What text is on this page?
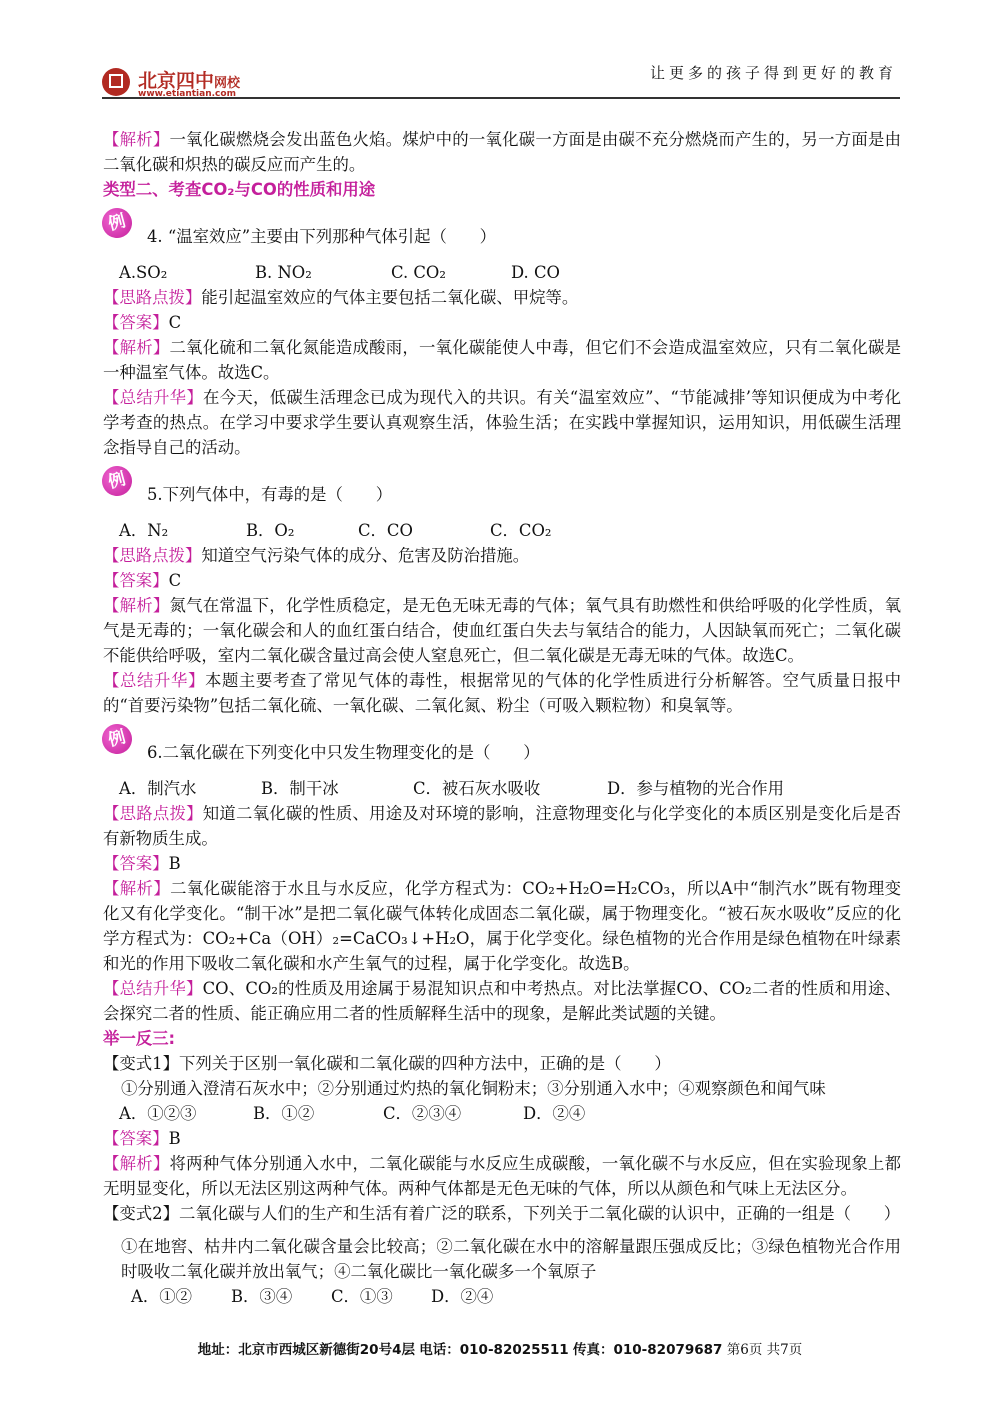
北京四中网校
www.etiantian.com
让更多的孩子得到更好的教育

【解析】一氧化碳燃烧会发出蓝色火焰。煤炉中的一氧化碳一方面是由碳不充分燃烧而产生的，另一方面是由二氧化碳和炽热的碳反应而产生的。

类型二、考查CO₂与CO的性质和用途

例
4. “温室效应”主要由下列那种气体引起（　　）
A.SO₂	B. NO₂	C. CO₂	D. CO

【思路点拨】能引起温室效应的气体主要包括二氧化碳、甲烷等。

【答案】C

【解析】二氧化硫和二氧化氮能造成酸雨，一氧化碳能使人中毒，但它们不会造成温室效应，只有二氧化碳是一种温室气体。故选C。

【总结升华】在今天，低碳生活理念已成为现代入的共识。有关“温室效应”、“节能减排’等知识便成为中考化学考查的热点。在学习中要求学生要认真观察生活，体验生活；在实践中掌握知识，运用知识，用低碳生活理念指导自己的活动。

例
5.下列气体中，有毒的是（　　）
A．N₂	B．O₂	C．CO	C．CO₂

【思路点拨】知道空气污染气体的成分、危害及防治措施。

【答案】C

【解析】氮气在常温下，化学性质稳定，是无色无味无毒的气体；氧气具有助燃性和供给呼吸的化学性质，氧气是无毒的；一氧化碳会和人的血红蛋白结合，使血红蛋白失去与氧结合的能力，人因缺氧而死亡；二氧化碳不能供给呼吸，室内二氧化碳含量过高会使人窒息死亡，但二氧化碳是无毒无味的气体。故选C。

【总结升华】本题主要考查了常见气体的毒性，根据常见的气体的化学性质进行分析解答。空气质量日报中的“首要污染物”包括二氧化硫、一氧化碳、二氧化氮、粉尘（可吸入颗粒物）和臭氧等。

例
6.二氧化碳在下列变化中只发生物理变化的是（　　）
A．制汽水	B．制干冰	C．被石灰水吸收	D．参与植物的光合作用

【思路点拨】知道二氧化碳的性质、用途及对环境的影响，注意物理变化与化学变化的本质区别是变化后是否有新物质生成。

【答案】B

【解析】二氧化碳能溶于水且与水反应，化学方程式为：CO₂+H₂O=H₂CO₃，所以A中“制汽水”既有物理变化又有化学变化。“制干冰”是把二氧化碳气体转化成固态二氧化碳，属于物理变化。“被石灰水吸收”反应的化学方程式为：CO₂+Ca（OH）₂=CaCO₃↓+H₂O，属于化学变化。绿色植物的光合作用是绿色植物在叶绿素和光的作用下吸收二氧化碳和水产生氧气的过程，属于化学变化。故选B。

【总结升华】CO、CO₂的性质及用途属于易混知识点和中考热点。对比法掌握CO、CO₂二者的性质和用途、会探究二者的性质、能正确应用二者的性质解释生活中的现象，是解此类试题的关键。

举一反三:

【变式1】下列关于区别一氧化碳和二氧化碳的四种方法中，正确的是（　　）

①分别通入澄清石灰水中；②分别通过灼热的氧化铜粉末；③分别通入水中；④观察颜色和闻气味

A．①②③	B．①②	C．②③④	D．②④

【答案】B

【解析】将两种气体分别通入水中，二氧化碳能与水反应生成碳酸，一氧化碳不与水反应，但在实验现象上都无明显变化，所以无法区别这两种气体。两种气体都是无色无味的气体，所以从颜色和气味上无法区分。

【变式2】二氧化碳与人们的生产和生活有着广泛的联系，下列关于二氧化碳的认识中，正确的一组是（　　）

①在地窖、枯井内二氧化碳含量会比较高；②二氧化碳在水中的溶解量跟压强成反比；③绿色植物光合作用时吸收二氧化碳并放出氧气；④二氧化碳比一氧化碳多一个氧原子

A．①②	B．③④	C．①③	D．②④
地址：北京市西城区新德街20号4层 电话：010-82025511 传真：010-82079687 第6页 共7页
